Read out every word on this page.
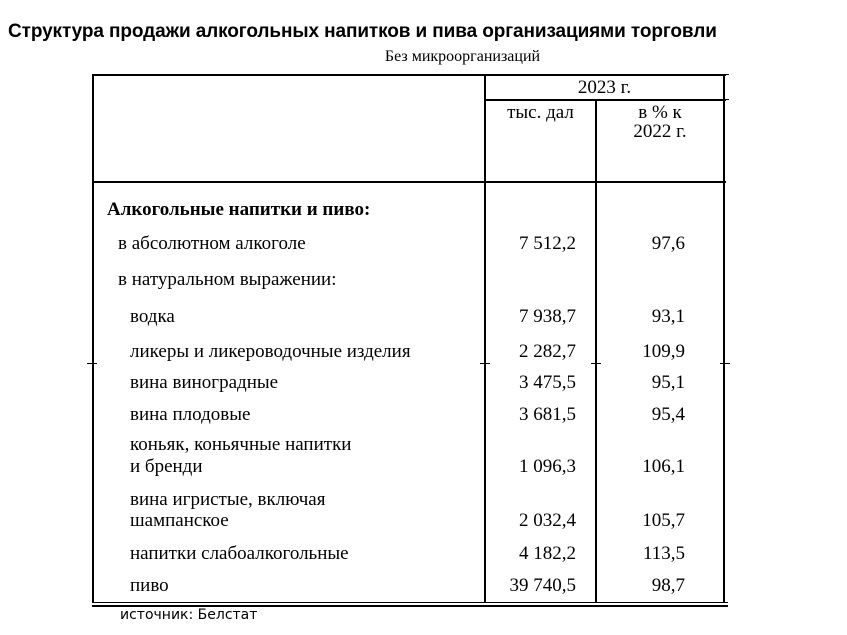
Структура продажи алкогольных напитков и пива организациями торговли
Без микроорганизаций
2023 г.
тыс. дал	в % к
2022 г.
Алкогольные напитки и пиво:
в абсолютном алкоголе	7 512,2	97,6
в натуральном выражении:
водка	7 938,7	93,1
ликеры и ликероводочные изделия	2 282,7	109,9
вина виноградные	3 475,5	95,1
вина плодовые	3 681,5	95,4
коньяк, коньячные напитки
и бренди	1 096,3	106,1
вина игристые, включая
шампанское	2 032,4	105,7
напитки слабоалкогольные	4 182,2	113,5
пиво	39 740,5	98,7
источник: Белстат
